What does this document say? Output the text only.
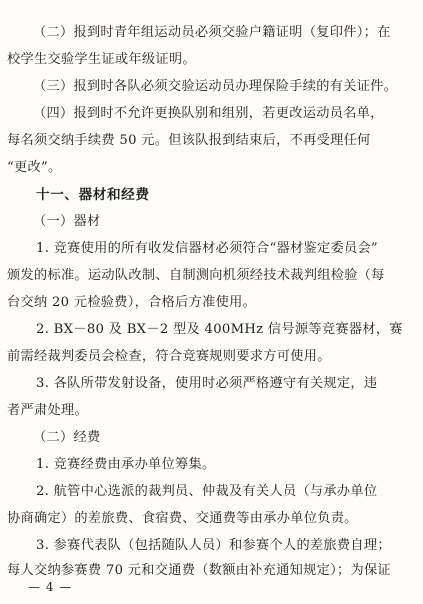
（二）报到时青年组运动员必须交验户籍证明（复印件）；在
校学生交验学生证或年级证明。
（三）报到时各队必须交验运动员办理保险手续的有关证件。
（四）报到时不允许更换队别和组别，若更改运动员名单，
每名须交纳手续费 50 元。但该队报到结束后，不再受理任何
“更改”。
十一、器材和经费
（一）器材
1. 竞赛使用的所有收发信器材必须符合“器材鉴定委员会”
颁发的标准。运动队改制、自制测向机须经技术裁判组检验（每
台交纳 20 元检验费），合格后方准使用。
2. BX－80 及 BX－2 型及 400MHz 信号源等竞赛器材，赛
前需经裁判委员会检查，符合竞赛规则要求方可使用。
3. 各队所带发射设备，使用时必须严格遵守有关规定，违
者严肃处理。
（二）经费
1. 竞赛经费由承办单位筹集。
2. 航管中心选派的裁判员、仲裁及有关人员（与承办单位
协商确定）的差旅费、食宿费、交通费等由承办单位负责。
3. 参赛代表队（包括随队人员）和参赛个人的差旅费自理；
每人交纳参赛费 70 元和交通费（数额由补充通知规定）；为保证
— 4 —
